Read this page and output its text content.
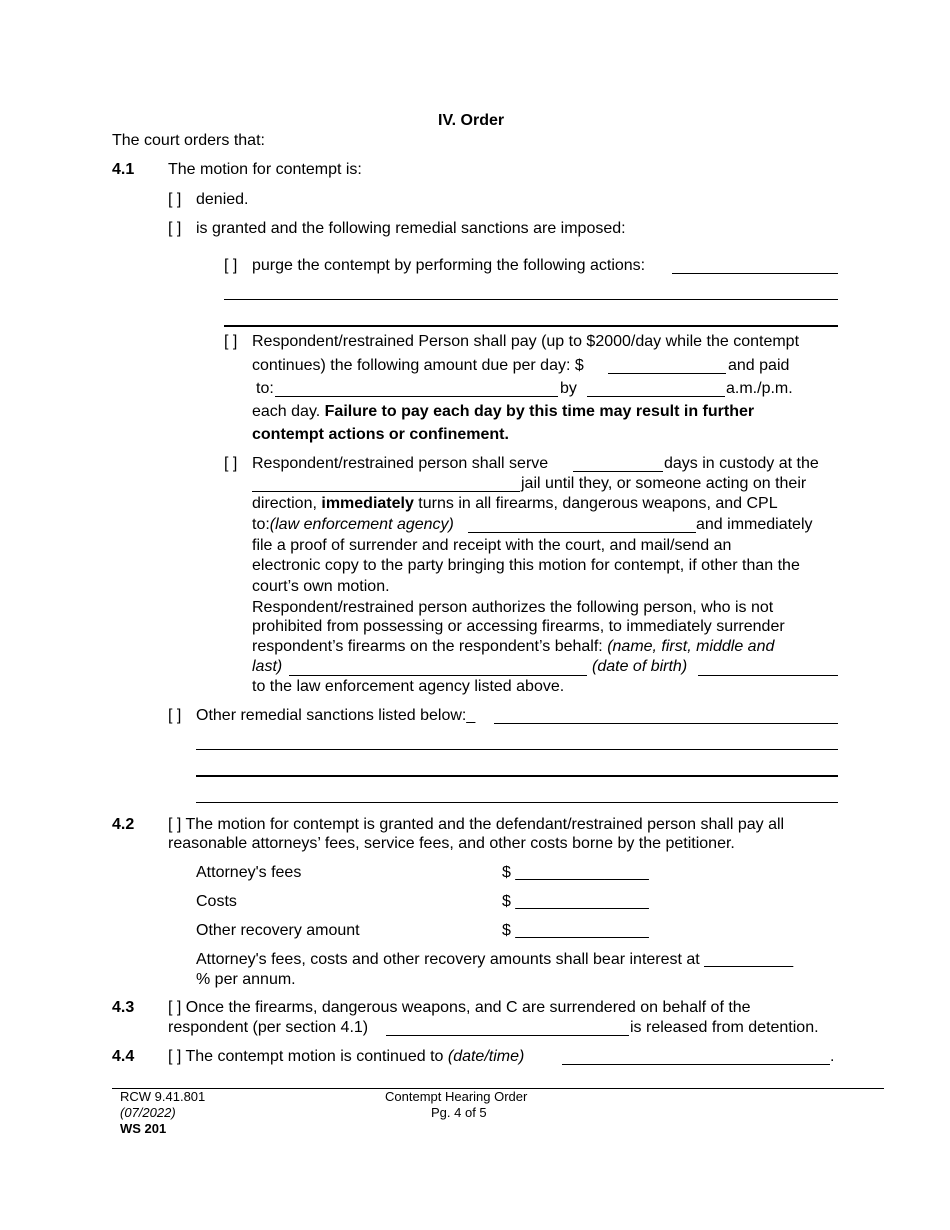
IV. Order
The court orders that:
4.1 The motion for contempt is:
[ ] denied.
[ ] is granted and the following remedial sanctions are imposed:
[ ] purge the contempt by performing the following actions:
[ ] Respondent/restrained Person shall pay (up to $2000/day while the contempt
continues) the following amount due per day: $	and paid
to:	by	a.m./p.m.
each day. Failure to pay each day by this time may result in further
contempt actions or confinement.
[ ] Respondent/restrained person shall serve	days in custody at the
jail until they, or someone acting on their
direction, immediately turns in all firearms, dangerous weapons, and CPL
to:(law enforcement agency)	and immediately
file a proof of surrender and receipt with the court, and mail/send an
electronic copy to the party bringing this motion for contempt, if other than the
court’s own motion.
Respondent/restrained person authorizes the following person, who is not
prohibited from possessing or accessing firearms, to immediately surrender
respondent’s firearms on the respondent’s behalf: (name, first, middle and
last)	(date of birth)
to the law enforcement agency listed above.
[ ] Other remedial sanctions listed below:_
4.2 [ ] The motion for contempt is granted and the defendant/restrained person shall pay all
reasonable attorneys’ fees, service fees, and other costs borne by the petitioner.
Attorney's fees	$ _______________
Costs	$ _______________
Other recovery amount	$ _______________
Attorney's fees, costs and other recovery amounts shall bear interest at __________
% per annum.
4.3 [ ] Once the firearms, dangerous weapons, and C are surrendered on behalf of the
respondent (per section 4.1)	is released from detention.
4.4 [ ] The contempt motion is continued to (date/time)	.
RCW 9.41.801
(07/2022)
WS 201
Contempt Hearing Order
Pg. 4 of 5
